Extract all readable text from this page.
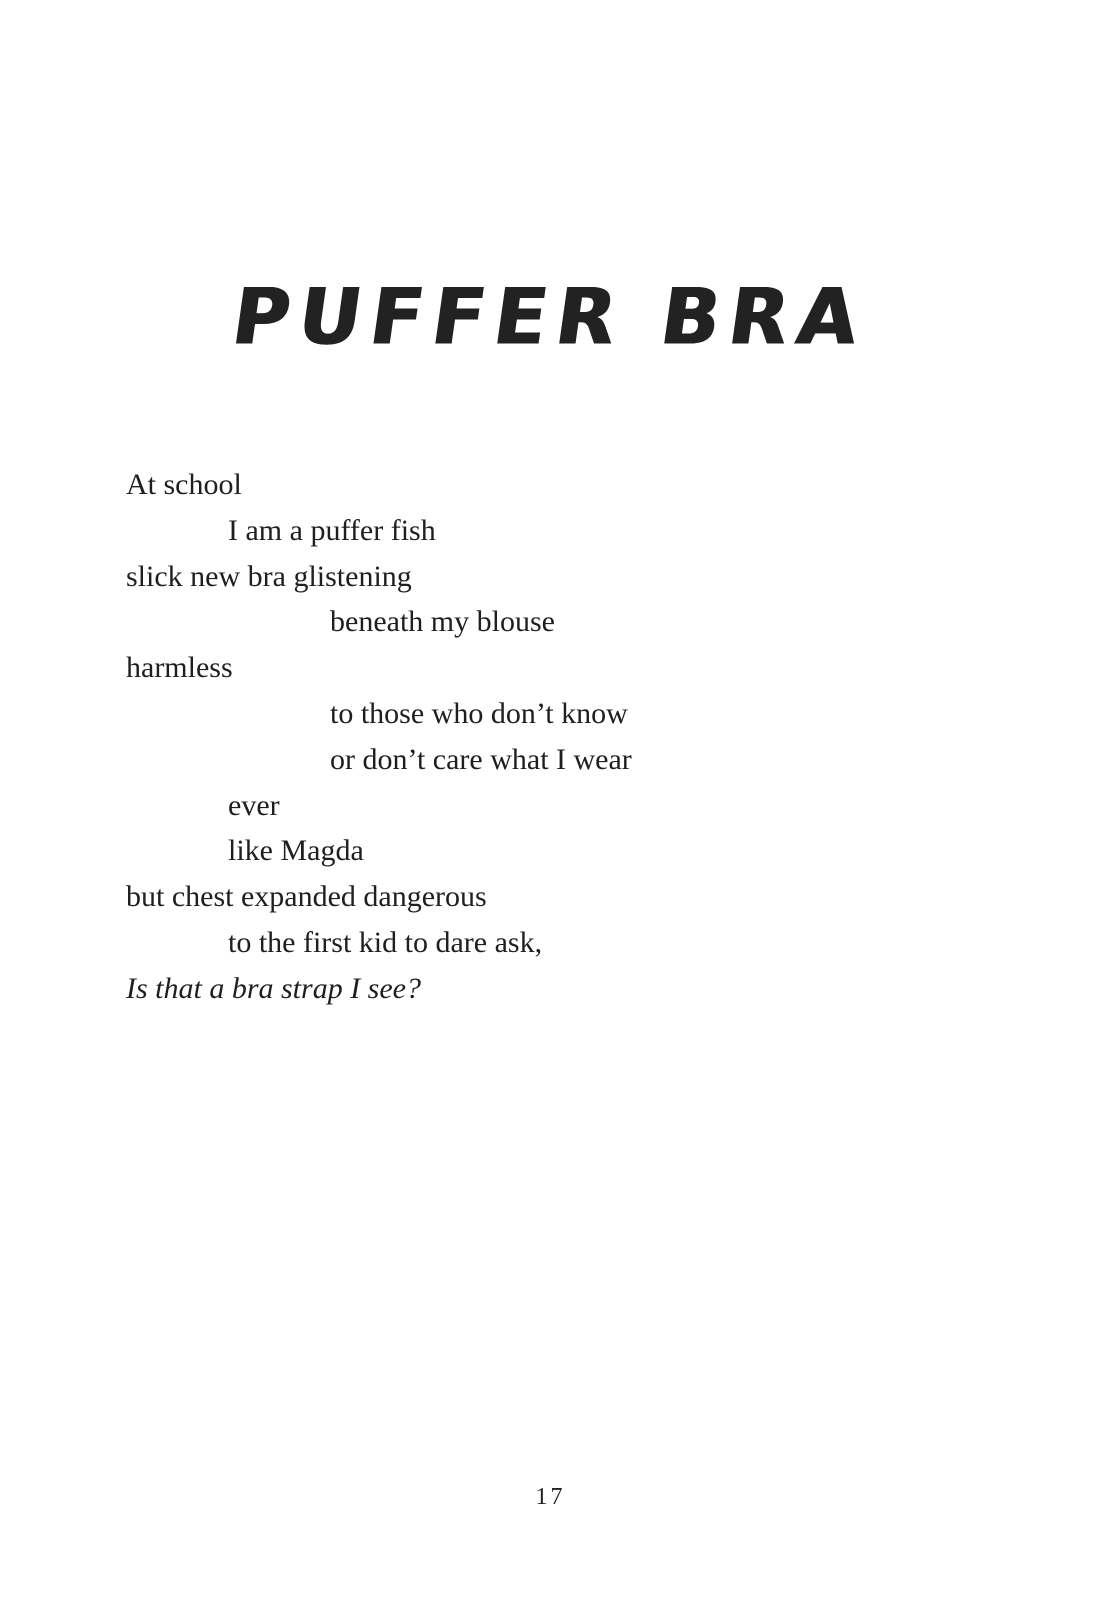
PUFFER BRA
At school
I am a puffer fish
slick new bra glistening
beneath my blouse
harmless
to those who don’t know
or don’t care what I wear
ever
like Magda
but chest expanded dangerous
to the first kid to dare ask,
Is that a bra strap I see?
17
